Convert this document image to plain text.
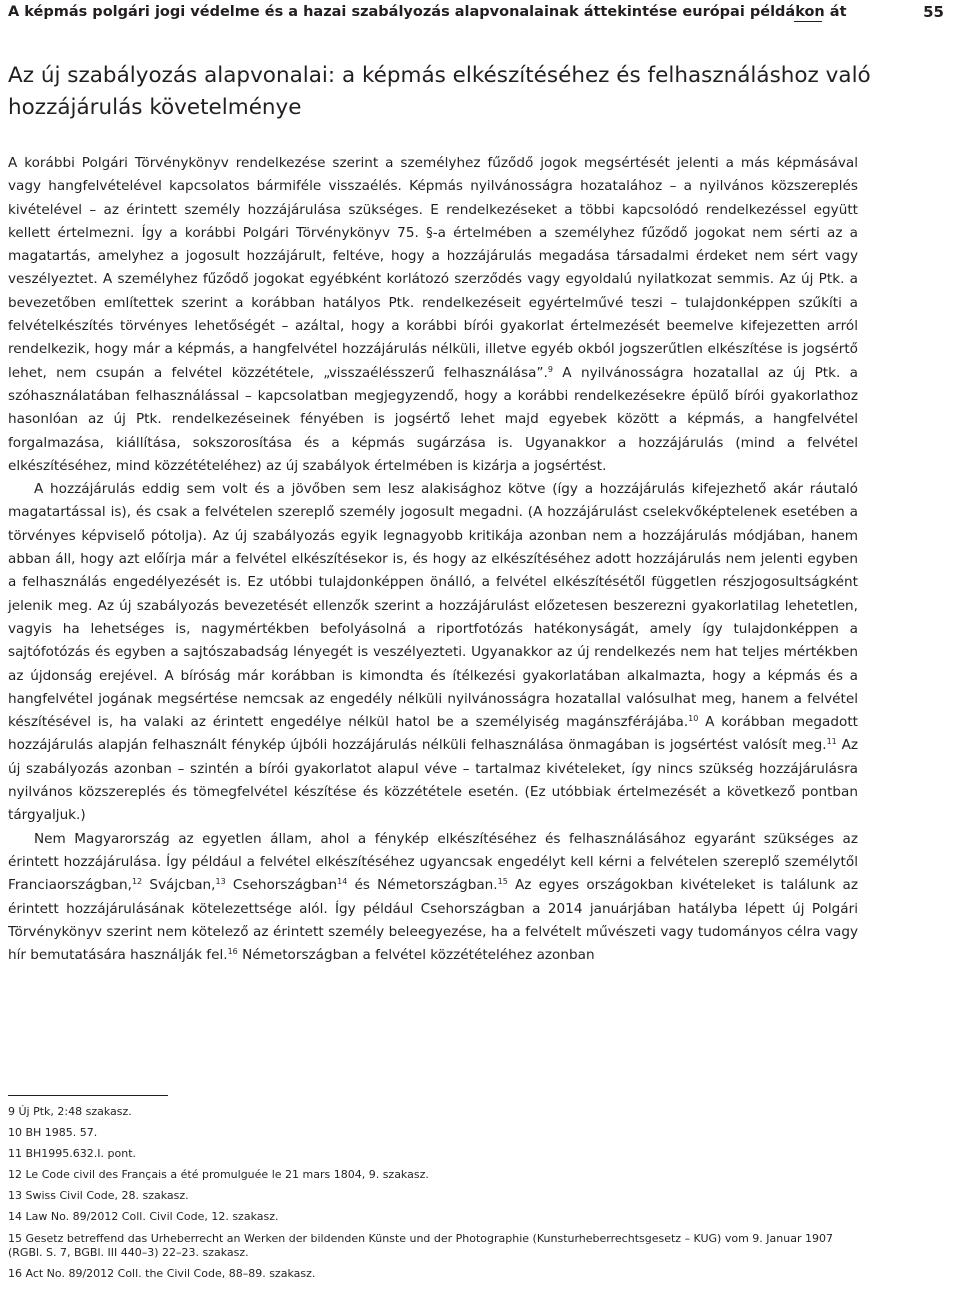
A képmás polgári jogi védelme és a hazai szabályozás alapvonalainak áttekintése európai példákon át	55
Az új szabályozás alapvonalai: a képmás elkészítéséhez és felhasználáshoz való hozzájárulás követelménye

A korábbi Polgári Törvénykönyv rendelkezése szerint a személyhez fűződő jogok megsértését jelenti a más képmásával vagy hangfelvételével kapcsolatos bármiféle visszaélés. Képmás nyilvánosságra hozatalához – a nyilvános közszereplés kivételével – az érintett személy hozzájárulása szükséges. E rendelkezéseket a többi kapcsolódó rendelkezéssel együtt kellett értelmezni. Így a korábbi Polgári Törvénykönyv 75. §-a értelmében a személyhez fűződő jogokat nem sérti az a magatartás, amelyhez a jogosult hozzájárult, feltéve, hogy a hozzájárulás megadása társadalmi érdeket nem sért vagy veszélyeztet. A személyhez fűződő jogokat egyébként korlátozó szerződés vagy egyoldalú nyilatkozat semmis. Az új Ptk. a bevezetőben említettek szerint a korábban hatályos Ptk. rendelkezéseit egyértelművé teszi – tulajdonképpen szűkíti a felvételkészítés törvényes lehetőségét – azáltal, hogy a korábbi bírói gyakorlat értelmezését beemelve kifejezetten arról rendelkezik, hogy már a képmás, a hangfelvétel hozzájárulás nélküli, illetve egyéb okból jogszerűtlen elkészítése is jogsértő lehet, nem csupán a felvétel közzététele, „visszaélésszerű felhasználása”.$^9$ A nyilvánosságra hozatallal az új Ptk. a szóhasználatában felhasználással – kapcsolatban megjegyzendő, hogy a korábbi rendelkezésekre épülő bírói gyakorlathoz hasonlóan az új Ptk. rendelkezéseinek fényében is jogsértő lehet majd egyebek között a képmás, a hangfelvétel forgalmazása, kiállítása, sokszorosítása és a képmás sugárzása is. Ugyanakkor a hozzájárulás (mind a felvétel elkészítéséhez, mind közzétételéhez) az új szabályok értelmében is kizárja a jogsértést.

A hozzájárulás eddig sem volt és a jövőben sem lesz alakisághoz kötve (így a hozzájárulás kifejezhető akár ráutaló magatartással is), és csak a felvételen szereplő személy jogosult megadni. (A hozzájárulást cselekvőképtelenek esetében a törvényes képviselő pótolja). Az új szabályozás egyik legnagyobb kritikája azonban nem a hozzájárulás módjában, hanem abban áll, hogy azt előírja már a felvétel elkészítésekor is, és hogy az elkészítéséhez adott hozzájárulás nem jelenti egyben a felhasználás engedélyezését is. Ez utóbbi tulajdonképpen önálló, a felvétel elkészítésétől független részjogosultságként jelenik meg. Az új szabályozás bevezetését ellenzők szerint a hozzájárulást előzetesen beszerezni gyakorlatilag lehetetlen, vagyis ha lehetséges is, nagymértékben befolyásolná a riportfotózás hatékonyságát, amely így tulajdonképpen a sajtófotózás és egyben a sajtószabadság lényegét is veszélyezteti. Ugyanakkor az új rendelkezés nem hat teljes mértékben az újdonság erejével. A bíróság már korábban is kimondta és ítélkezési gyakorlatában alkalmazta, hogy a képmás és a hangfelvétel jogának megsértése nemcsak az engedély nélküli nyilvánosságra hozatallal valósulhat meg, hanem a felvétel készítésével is, ha valaki az érintett engedélye nélkül hatol be a személyiség magánszférájába.$^{10}$ A korábban megadott hozzájárulás alapján felhasznált fénykép újbóli hozzájárulás nélküli felhasználása önmagában is jogsértést valósít meg.$^{11}$ Az új szabályozás azonban – szintén a bírói gyakorlatot alapul véve – tartalmaz kivételeket, így nincs szükség hozzájárulásra nyilvános közszereplés és tömegfelvétel készítése és közzététele esetén. (Ez utóbbiak értelmezését a következő pontban tárgyaljuk.)

Nem Magyarország az egyetlen állam, ahol a fénykép elkészítéséhez és felhasználásához egyaránt szükséges az érintett hozzájárulása. Így például a felvétel elkészítéséhez ugyancsak engedélyt kell kérni a felvételen szereplő személytől Franciaországban,$^{12}$ Svájcban,$^{13}$ Csehországban$^{14}$ és Németországban.$^{15}$ Az egyes országokban kivételeket is találunk az érintett hozzájárulásának kötelezettsége alól. Így például Csehországban a 2014 januárjában hatályba lépett új Polgári Törvénykönyv szerint nem kötelező az érintett személy beleegyezése, ha a felvételt művészeti vagy tudományos célra vagy hír bemutatására használják fel.$^{16}$ Németországban a felvétel közzétételéhez azonban

9 Új Ptk, 2:48 szakasz.

10 BH 1985. 57.

11 BH1995.632.I. pont.

12 Le Code civil des Français a été promulguée le 21 mars 1804, 9. szakasz.

13 Swiss Civil Code, 28. szakasz.

14 Law No. 89/2012 Coll. Civil Code, 12. szakasz.

15 Gesetz betreffend das Urheberrecht an Werken der bildenden Künste und der Photographie (Kunsturheberrechtsgesetz – KUG) vom 9. Januar 1907 (RGBl. S. 7, BGBl. III 440–3) 22–23. szakasz.

16 Act No. 89/2012 Coll. the Civil Code, 88–89. szakasz.
